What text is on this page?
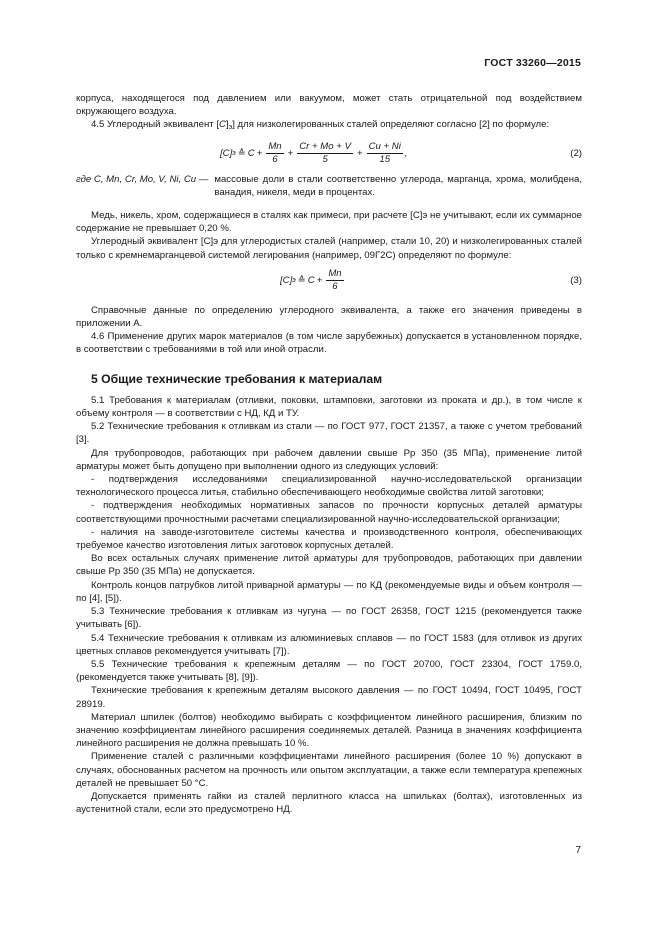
ГОСТ 33260—2015

корпуса, находящегося под давлением или вакуумом, может стать отрицательной под воздействием окружающего воздуха.

4.5 Углеродный эквивалент $[C]_э$] для низколегированных сталей определяют согласно [2] по формуле:

[C] э ≙ $C + \frac{Mn}{6} + \frac{Cr + Mo + V}{5} + \frac{Cu + Ni}{15}$ ,	(2)
где C, Mn, Cr, Mo, V, Ni, Cu — массовые доли в стали соответственно углерода, марганца, хрома, молибдена, ванадия, никеля, меди в процентах.

Медь, никель, хром, содержащиеся в сталях как примеси, при расчете [C]э не учитывают, если их суммарное содержание не превышает 0,20 %.

Углеродный эквивалент [C]э для углеродистых сталей (например, стали 10, 20) и низколегированных сталей только с кремнемарганцевой системой легирования (например, 09Г2С) определяют по формуле:

[C] э ≙ $C + \frac{Mn}{6}$	(3)

Справочные данные по определению углеродного эквивалента, а также его значения приведены в приложении А.

4.6 Применение других марок материалов (в том числе зарубежных) допускается в установленном порядке, в соответствии с требованиями в той или иной отрасли.

5 Общие технические требования к материалам

5.1 Требования к материалам (отливки, поковки, штамповки, заготовки из проката и др.), в том числе к объему контроля — в соответствии с НД, КД и ТУ.

5.2 Технические требования к отливкам из стали — по ГОСТ 977, ГОСТ 21357, а также с учетом требований [3].

Для трубопроводов, работающих при рабочем давлении свыше Pр 350 (35 МПа), применение литой арматуры может быть допущено при выполнении одного из следующих условий:

- подтверждения исследованиями специализированной научно-исследовательской организации технологического процесса литья, стабильно обеспечивающего необходимые свойства литой заготовки;

- подтверждения необходимых нормативных запасов по прочности корпусных деталей арматуры соответствующими прочностными расчетами специализированной научно-исследовательской организации;

- наличия на заводе-изготовителе системы качества и производственного контроля, обеспечивающих требуемое качество изготовления литых заготовок корпусных деталей.

Во всех остальных случаях применение литой арматуры для трубопроводов, работающих при давлении свыше Pр 350 (35 МПа) не допускается.

Контроль концов патрубков литой приварной арматуры — по КД (рекомендуемые виды и объем контроля — по [4], [5]).

5.3 Технические требования к отливкам из чугуна — по ГОСТ 26358, ГОСТ 1215 (рекомендуется также учитывать [6]).

5.4 Технические требования к отливкам из алюминиевых сплавов — по ГОСТ 1583 (для отливок из других цветных сплавов рекомендуется учитывать [7]).

5.5 Технические требования к крепежным деталям — по ГОСТ 20700, ГОСТ 23304, ГОСТ 1759.0, (рекомендуется также учитывать [8], [9]).

Технические требования к крепежным деталям высокого давления — по ГОСТ 10494, ГОСТ 10495, ГОСТ 28919.

Материал шпилек (болтов) необходимо выбирать с коэффициентом линейного расширения, близким по значению коэффициентам линейного расширения соединяемых деталей. Разница в значениях коэффициента линейного расширения не должна превышать 10 %.

Применение сталей с различными коэффициентами линейного расширения (более 10 %) допускают в случаях, обоснованных расчетом на прочность или опытом эксплуатации, а также если температура крепежных деталей не превышает 50 °С.

Допускается применять гайки из сталей перлитного класса на шпильках (болтах), изготовленных из аустенитной стали, если это предусмотрено НД.

7
